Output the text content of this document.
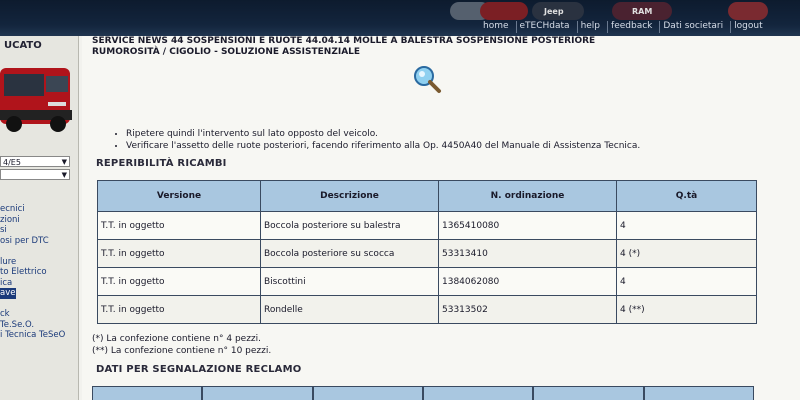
Jeep	RAM
home	eTECHdata	help	feedback	Dati societari	logout
UCATO
4/E5	▼
▼
ecnici
zioni
si
osi per DTC

lure
to Elettrico
ica
ave

ck
Te.Se.O.
i Tecnica TeSeO
SERVICE NEWS 44 SOSPENSIONI E RUOTE 44.04.14 MOLLE A BALESTRA SOSPENSIONE POSTERIORE
RUMOROSITÀ / CIGOLIO - SOLUZIONE ASSISTENZIALE
• Ripetere quindi l'intervento sul lato opposto del veicolo.
• Verificare l'assetto delle ruote posteriori, facendo riferimento alla Op. 4450A40 del Manuale di Assistenza Tecnica.
REPERIBILITÀ RICAMBI
Versione	Descrizione	N. ordinazione	Q.tà
T.T. in oggetto	Boccola posteriore su balestra	1365410080	4
T.T. in oggetto	Boccola posteriore su scocca	53313410	4 (*)
T.T. in oggetto	Biscottini	1384062080	4
T.T. in oggetto	Rondelle	53313502	4 (**)
(*) La confezione contiene n° 4 pezzi.
(**) La confezione contiene n° 10 pezzi.
DATI PER SEGNALAZIONE RECLAMO
